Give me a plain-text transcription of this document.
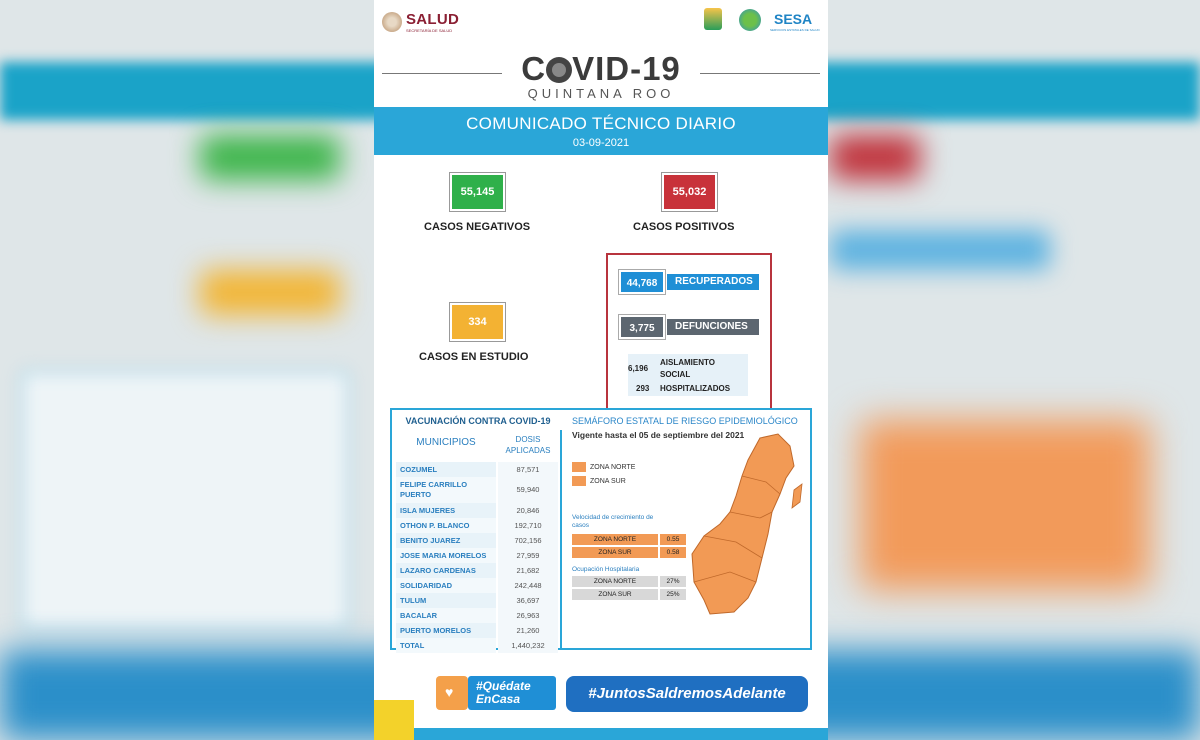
SALUD
SECRETARÍA DE SALUD
SESA
SERVICIOS ESTATALES DE SALUD
C VID-19
QUINTANA ROO
COMUNICADO TÉCNICO DIARIO
03-09-2021
55,145
CASOS NEGATIVOS
55,032
CASOS POSITIVOS
334
CASOS EN ESTUDIO
44,768	RECUPERADOS
3,775	DEFUNCIONES
6,196
AISLAMIENTO
SOCIAL
293 HOSPITALIZADOS
VACUNACIÓN CONTRA COVID-19
MUNICIPIOS	DOSIS
APLICADAS
COZUMEL	87,571
FELIPE CARRILLO PUERTO
59,940
ISLA MUJERES	20,846
OTHON P. BLANCO	192,710
BENITO JUAREZ	702,156
JOSE MARIA MORELOS	27,959
LAZARO CARDENAS	21,682
SOLIDARIDAD	242,448
TULUM	36,697
BACALAR	26,963
PUERTO MORELOS	21,260
TOTAL	1,440,232
SEMÁFORO ESTATAL DE RIESGO EPIDEMIOLÓGICO
Vigente hasta el 05 de septiembre del 2021
ZONA NORTE
ZONA SUR
Velocidad de crecimiento de casos
ZONA NORTE	0.55
ZONA SUR	0.58
Ocupación Hospitalaria
ZONA NORTE	27%
ZONA SUR	25%
♥
#Quédate
EnCasa	#JuntosSaldremosAdelante
